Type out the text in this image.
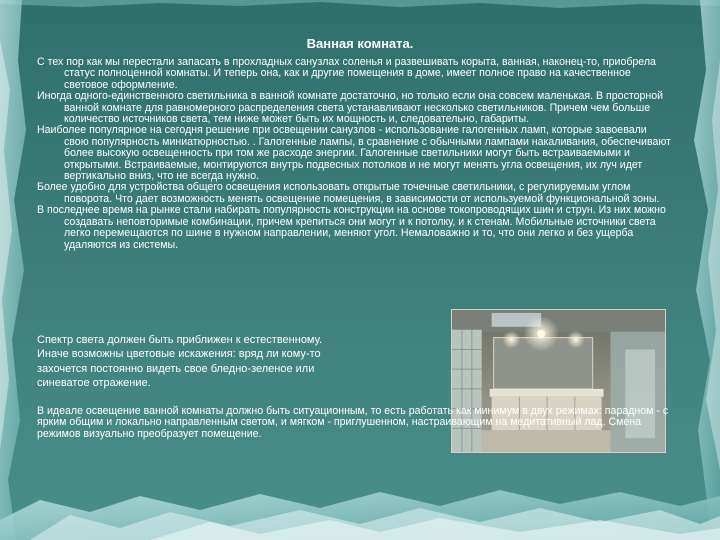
Ванная комната.

С тех пор как мы перестали запасать в прохладных санузлах соленья и развешивать корыта, ванная, наконец-то, приобрела статус полноценной комнаты. И теперь она, как и другие помещения в доме, имеет полное право на качественное световое оформление.

Иногда одного-единственного светильника в ванной комнате достаточно, но только если она совсем маленькая. В просторной ванной комнате для равномерного распределения света устанавливают несколько светильников. Причем чем больше количество источников света, тем ниже может быть их мощность и, следовательно, габариты.

Наиболее популярное на сегодня решение при освещении санузлов - использование галогенных ламп, которые завоевали свою популярность миниатюрностью. . Галогенные лампы, в сравнение с обычными лампами накаливания, обеспечивают более высокую освещенность при том же расходе энергии. Галогенные светильники могут быть встраиваемыми и открытыми. Встраиваемые, монтируются внутрь подвесных потолков и не могут менять угла освещения, их луч идет вертикально вниз, что не всегда нужно.

Более удобно для устройства общего освещения использовать открытые точечные светильники, с регулируемым углом поворота. Что дает возможность менять освещение помещения, в зависимости от используемой функциональной зоны.

В последнее время на рынке стали набирать популярность конструкции на основе токопроводящих шин и струн. Из них можно создавать неповторимые комбинации, причем крепиться они могут и к потолку, и к стенам. Мобильные источники света легко перемещаются по шине в нужном направлении, меняют угол. Немаловажно и то, что они легко и без ущерба удаляются из системы.

Спектр света должен быть приближен к естественному.

Иначе возможны цветовые искажения: вряд ли кому-то

захочется постоянно видеть свое бледно-зеленое или

синеватое отражение.

В идеале освещение ванной комнаты должно быть ситуационным, то есть работать как минимум в двух режимах: парадном - с ярким общим и локально направленным светом, и мягком - приглушенном, настраивающим на медитативный лад. Смена режимов визуально преобразует помещение.
